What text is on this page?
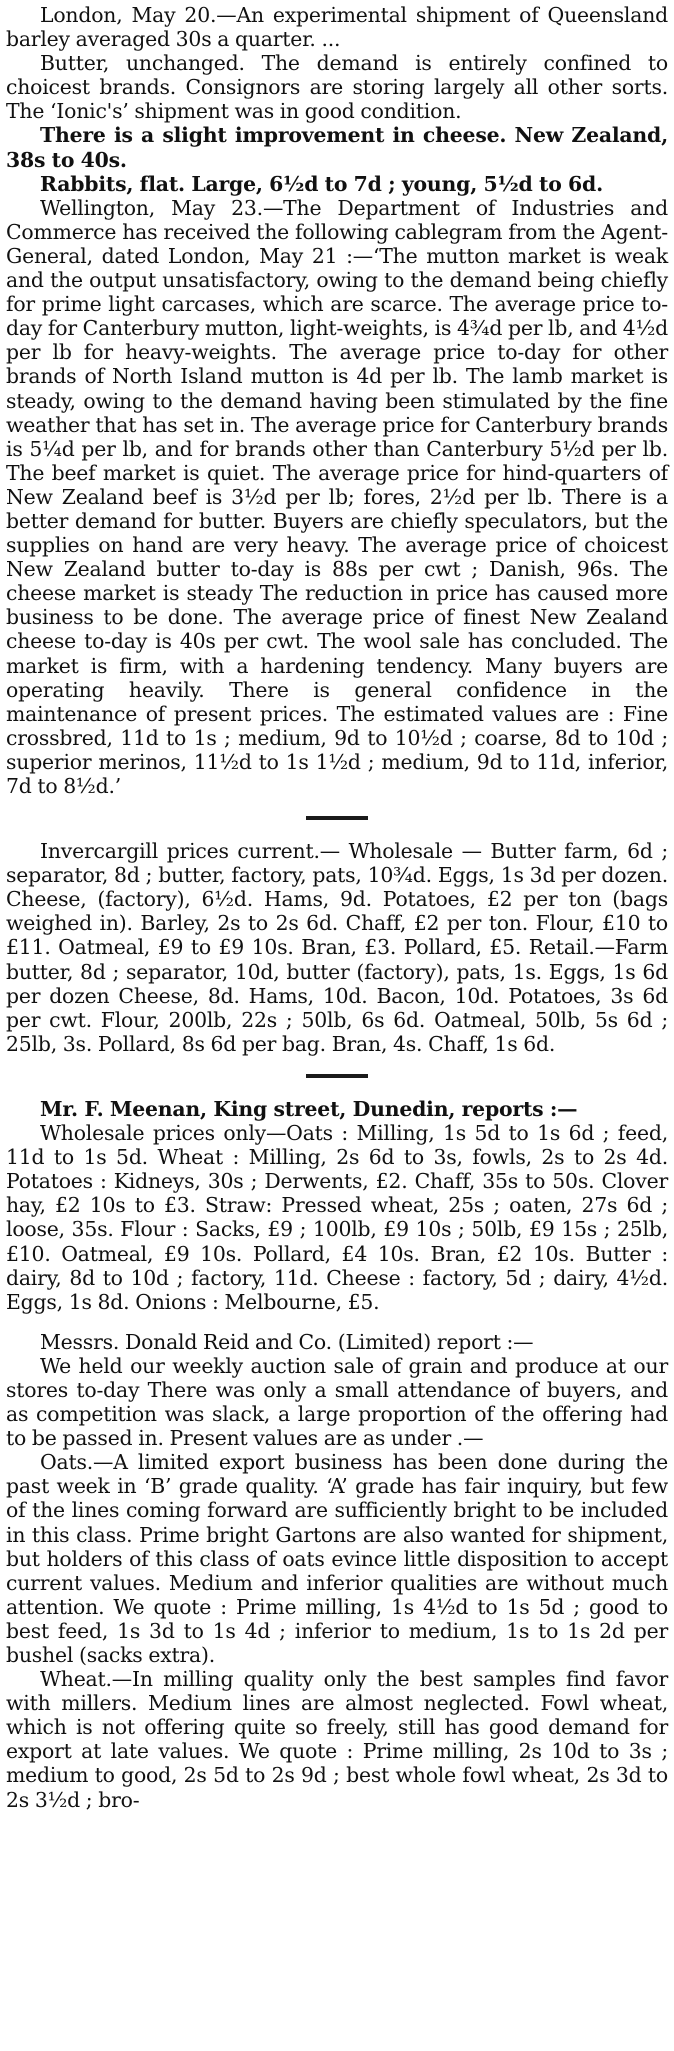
London, May 20.—An experimental shipment of Queensland barley averaged 30s a quarter. ...

Butter, unchanged. The demand is entirely confined to choicest brands. Consignors are storing largely all other sorts. The ‘Ionic's’ shipment was in good condition.

There is a slight improvement in cheese. New Zealand, 38s to 40s.

Rabbits, flat. Large, 6½d to 7d ; young, 5½d to 6d.

Wellington, May 23.—The Department of Industries and Commerce has received the following cablegram from the Agent-General, dated London, May 21 :—‘The mutton market is weak and the output unsatisfactory, owing to the demand being chiefly for prime light carcases, which are scarce. The average price to-day for Canterbury mutton, light-weights, is 4¾d per lb, and 4½d per lb for heavy-weights. The average price to-day for other brands of North Island mutton is 4d per lb. The lamb market is steady, owing to the demand having been stimulated by the fine weather that has set in. The average price for Canterbury brands is 5¼d per lb, and for brands other than Canterbury 5½d per lb. The beef market is quiet. The average price for hind-quarters of New Zealand beef is 3½d per lb; fores, 2½d per lb. There is a better demand for butter. Buyers are chiefly speculators, but the supplies on hand are very heavy. The average price of choicest New Zealand butter to-day is 88s per cwt ; Danish, 96s. The cheese market is steady The reduction in price has caused more business to be done. The average price of finest New Zealand cheese to-day is 40s per cwt. The wool sale has concluded. The market is firm, with a hardening tendency. Many buyers are operating heavily. There is general confidence in the maintenance of present prices. The estimated values are : Fine crossbred, 11d to 1s ; medium, 9d to 10½d ; coarse, 8d to 10d ; superior merinos, 11½d to 1s 1½d ; medium, 9d to 11d, inferior, 7d to 8½d.’

Invercargill prices current.— Wholesale — Butter farm, 6d ; separator, 8d ; butter, factory, pats, 10¾d. Eggs, 1s 3d per dozen. Cheese, (factory), 6½d. Hams, 9d. Potatoes, £2 per ton (bags weighed in). Barley, 2s to 2s 6d. Chaff, £2 per ton. Flour, £10 to £11. Oatmeal, £9 to £9 10s. Bran, £3. Pollard, £5. Retail.—Farm butter, 8d ; separator, 10d, butter (factory), pats, 1s. Eggs, 1s 6d per dozen Cheese, 8d. Hams, 10d. Bacon, 10d. Potatoes, 3s 6d per cwt. Flour, 200lb, 22s ; 50lb, 6s 6d. Oatmeal, 50lb, 5s 6d ; 25lb, 3s. Pollard, 8s 6d per bag. Bran, 4s. Chaff, 1s 6d.

Mr. F. Meenan, King street, Dunedin, reports :—

Wholesale prices only—Oats : Milling, 1s 5d to 1s 6d ; feed, 11d to 1s 5d. Wheat : Milling, 2s 6d to 3s, fowls, 2s to 2s 4d. Potatoes : Kidneys, 30s ; Derwents, £2. Chaff, 35s to 50s. Clover hay, £2 10s to £3. Straw: Pressed wheat, 25s ; oaten, 27s 6d ; loose, 35s. Flour : Sacks, £9 ; 100lb, £9 10s ; 50lb, £9 15s ; 25lb, £10. Oatmeal, £9 10s. Pollard, £4 10s. Bran, £2 10s. Butter : dairy, 8d to 10d ; factory, 11d. Cheese : factory, 5d ; dairy, 4½d. Eggs, 1s 8d. Onions : Melbourne, £5.

Messrs. Donald Reid and Co. (Limited) report :—

We held our weekly auction sale of grain and produce at our stores to-day There was only a small attendance of buyers, and as competition was slack, a large proportion of the offering had to be passed in. Present values are as under .—

Oats.—A limited export business has been done during the past week in ‘B’ grade quality. ‘A’ grade has fair inquiry, but few of the lines coming forward are sufficiently bright to be included in this class. Prime bright Gartons are also wanted for shipment, but holders of this class of oats evince little disposition to accept current values. Medium and inferior qualities are without much attention. We quote : Prime milling, 1s 4½d to 1s 5d ; good to best feed, 1s 3d to 1s 4d ; inferior to medium, 1s to 1s 2d per bushel (sacks extra).

Wheat.—In milling quality only the best samples find favor with millers. Medium lines are almost neglected. Fowl wheat, which is not offering quite so freely, still has good demand for export at late values. We quote : Prime milling, 2s 10d to 3s ; medium to good, 2s 5d to 2s 9d ; best whole fowl wheat, 2s 3d to 2s 3½d ; bro-
